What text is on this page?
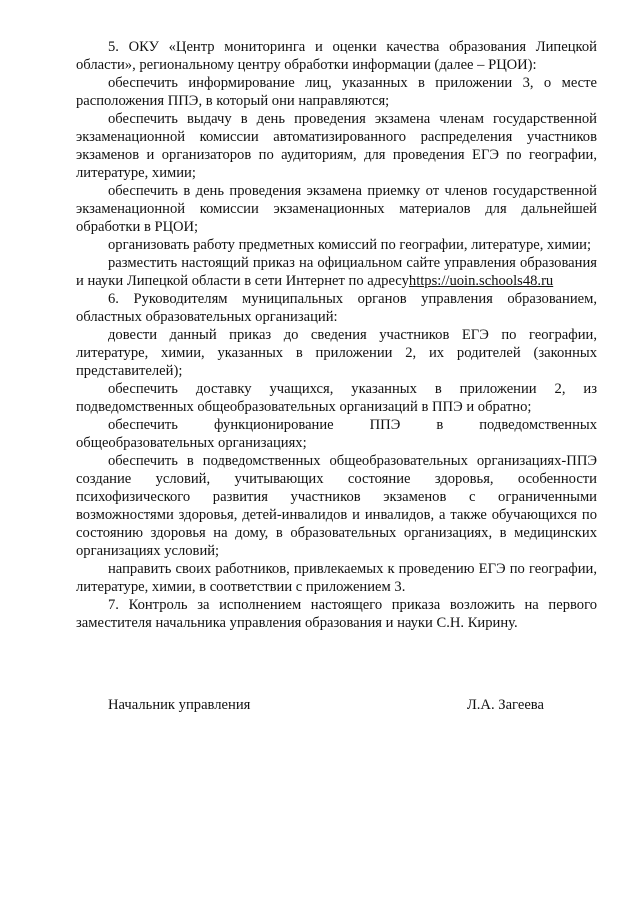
5. ОКУ «Центр мониторинга и оценки качества образования Липецкой области», региональному центру обработки информации (далее – РЦОИ):

обеспечить информирование лиц, указанных в приложении 3, о месте расположения ППЭ, в который они направляются;

обеспечить выдачу в день проведения экзамена членам государственной экзаменационной комиссии автоматизированного распределения участников экзаменов и организаторов по аудиториям, для проведения ЕГЭ по географии, литературе, химии;

обеспечить в день проведения экзамена приемку от членов государственной экзаменационной комиссии экзаменационных материалов для дальнейшей обработки в РЦОИ;

организовать работу предметных комиссий по географии, литературе, химии;

разместить настоящий приказ на официальном сайте управления образования и науки Липецкой области в сети Интернет по адресуhttps://uoin.schools48.ru

6. Руководителям муниципальных органов управления образованием, областных образовательных организаций:

довести данный приказ до сведения участников ЕГЭ по географии, литературе, химии, указанных в приложении 2, их родителей (законных представителей);

обеспечить доставку учащихся, указанных в приложении 2, из подведомственных общеобразовательных организаций в ППЭ и обратно;

обеспечить функционирование ППЭ в подведомственных общеобразовательных организациях;

обеспечить в подведомственных общеобразовательных организациях-ППЭ создание условий, учитывающих состояние здоровья, особенности психофизического развития участников экзаменов с ограниченными возможностями здоровья, детей-инвалидов и инвалидов, а также обучающихся по состоянию здоровья на дому, в образовательных организациях, в медицинских организациях условий;

направить своих работников, привлекаемых к проведению ЕГЭ по географии, литературе, химии, в соответствии с приложением 3.

7. Контроль за исполнением настоящего приказа возложить на первого заместителя начальника управления образования и науки С.Н. Кирину.

Начальник управления	Л.А. Загеева
